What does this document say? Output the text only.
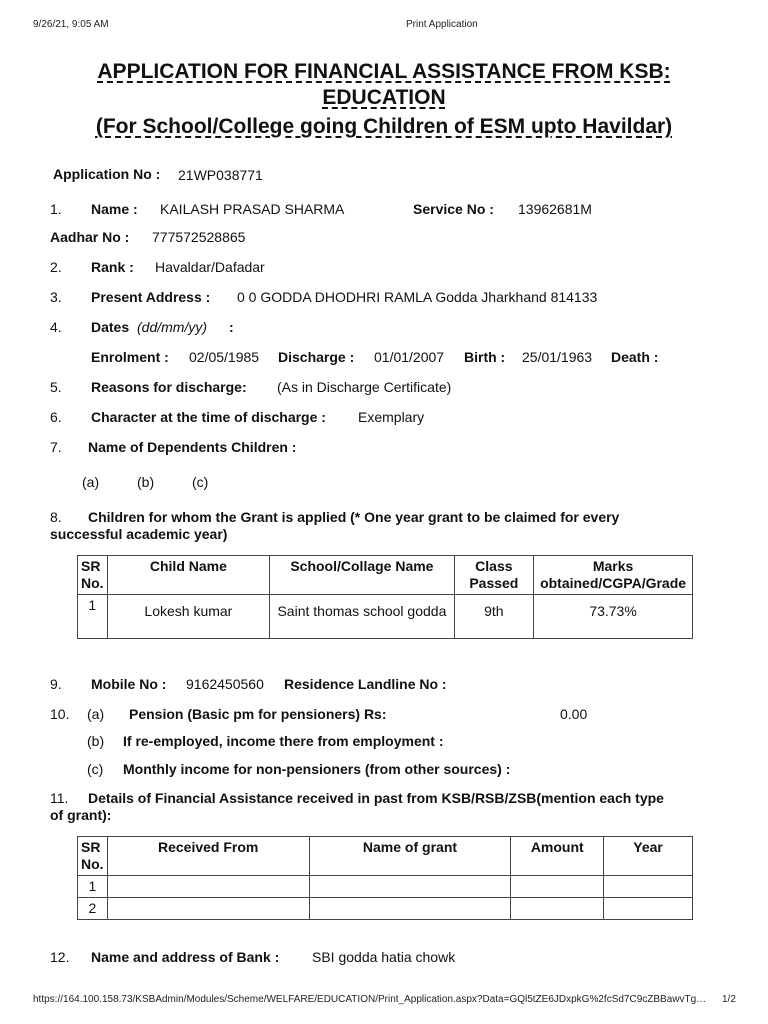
9/26/21, 9:05 AM	Print Application
APPLICATION FOR FINANCIAL ASSISTANCE FROM KSB:
EDUCATION
(For School/College going Children of ESM upto Havildar)
Application No : 21WP038771
1. Name : KAILASH PRASAD SHARMA	Service No : 13962681M
Aadhar No : 777572528865
2. Rank : Havaldar/Dafadar
3. Present Address : 0 0 GODDA DHODHRI RAMLA Godda Jharkhand 814133
4. Dates (dd/mm/yy) :
Enrolment : 02/05/1985 Discharge : 01/01/2007 Birth : 25/01/1963 Death :
5. Reasons for discharge: (As in Discharge Certificate)
6. Character at the time of discharge : Exemplary
7. Name of Dependents Children :
(a)	(b)	(c)
8. Children for whom the Grant is applied (* One year grant to be claimed for every
successful academic year)
SR No.	Child Name	School/Collage Name	Class Passed	Marks obtained/CGPA/Grade
1	Lokesh kumar	Saint thomas school godda	9th	73.73%
9. Mobile No : 9162450560 Residence Landline No :
10. (a) Pension (Basic pm for pensioners) Rs:	0.00
(b) If re-employed, income there from employment :
(c) Monthly income for non-pensioners (from other sources) :
11. Details of Financial Assistance received in past from KSB/RSB/ZSB(mention each type
of grant):
SR No.	Received From	Name of grant	Amount	Year
1				
2				
12. Name and address of Bank : SBI godda hatia chowk
https://164.100.158.73/KSBAdmin/Modules/Scheme/WELFARE/EDUCATION/Print_Application.aspx?Data=GQl5tZE6JDxpkG%2fcSd7C9cZBBawvTg…	1/2
